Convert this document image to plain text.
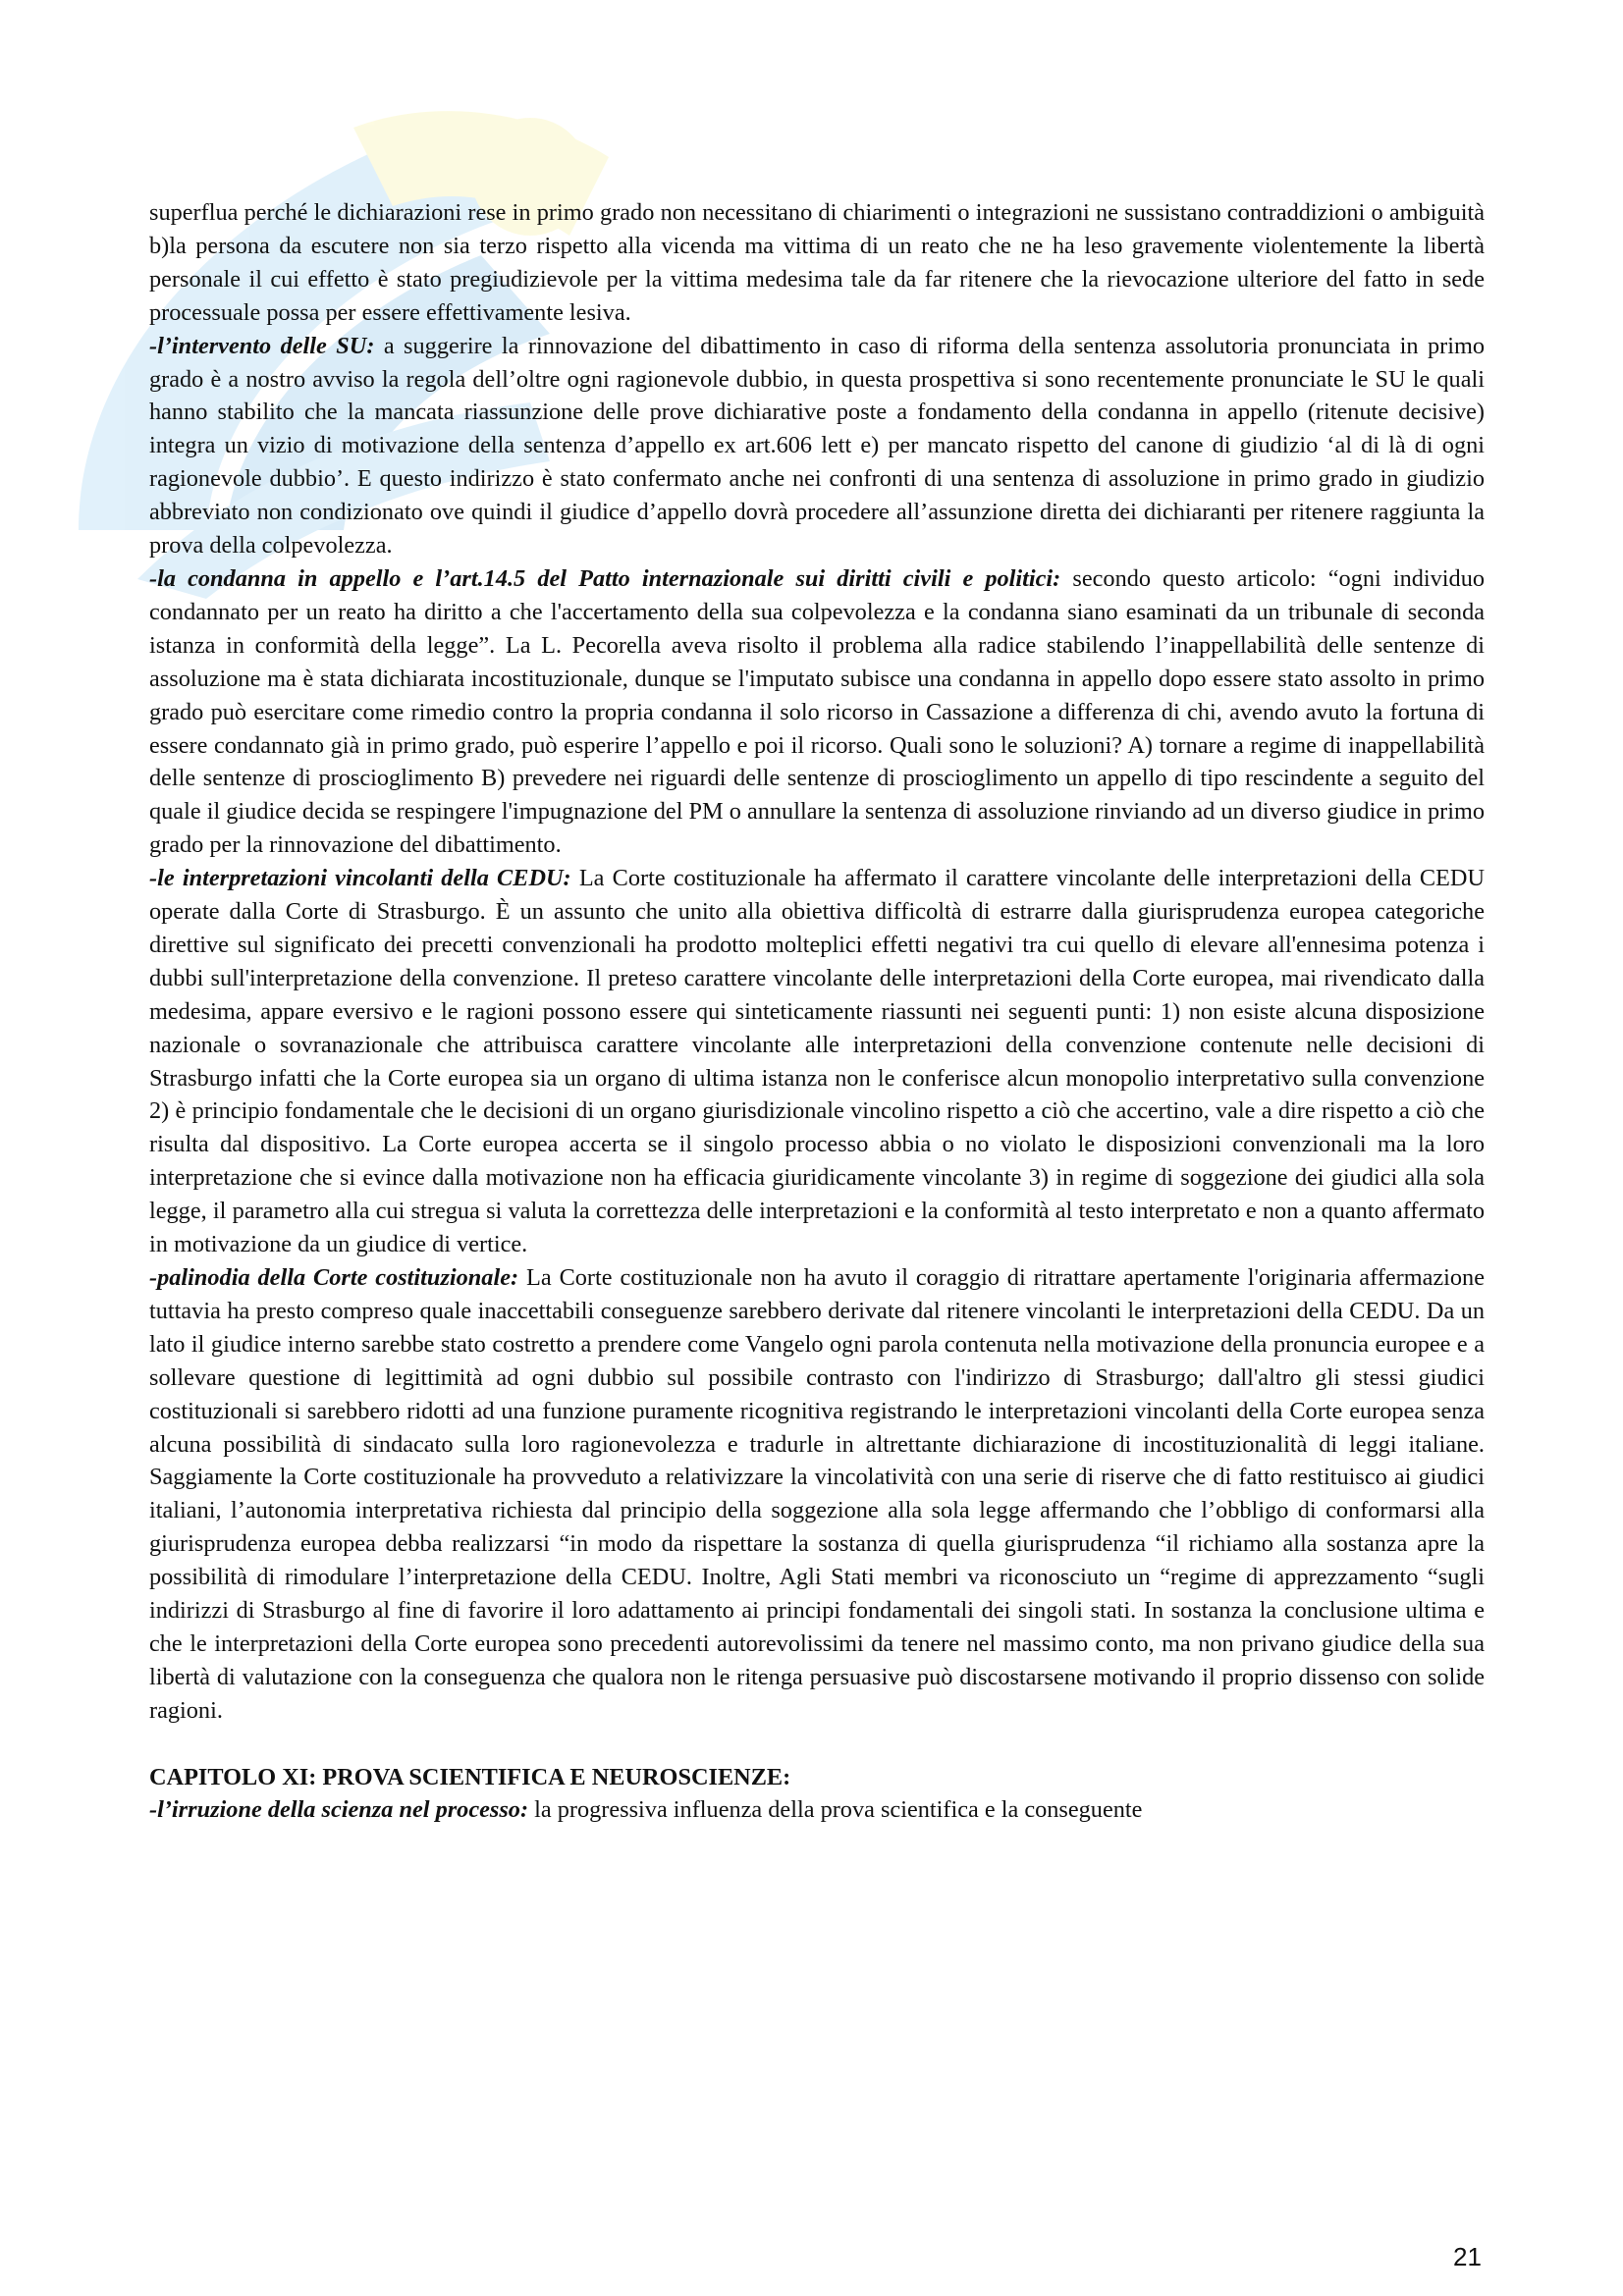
superflua perché le dichiarazioni rese in primo grado non necessitano di chiarimenti o integrazioni ne sussistano contraddizioni o ambiguità b)la persona da escutere non sia terzo rispetto alla vicenda ma vittima di un reato che ne ha leso gravemente violentemente la libertà personale il cui effetto è stato pregiudizievole per la vittima medesima tale da far ritenere che la rievocazione ulteriore del fatto in sede processuale possa per essere effettivamente lesiva.

-l’intervento delle SU: a suggerire la rinnovazione del dibattimento in caso di riforma della sentenza assolutoria pronunciata in primo grado è a nostro avviso la regola dell’oltre ogni ragionevole dubbio, in questa prospettiva si sono recentemente pronunciate le SU le quali hanno stabilito che la mancata riassunzione delle prove dichiarative poste a fondamento della condanna in appello (ritenute decisive) integra un vizio di motivazione della sentenza d’appello ex art.606 lett e) per mancato rispetto del canone di giudizio ‘al di là di ogni ragionevole dubbio’. E questo indirizzo è stato confermato anche nei confronti di una sentenza di assoluzione in primo grado in giudizio abbreviato non condizionato ove quindi il giudice d’appello dovrà procedere all’assunzione diretta dei dichiaranti per ritenere raggiunta la prova della colpevolezza.

-la condanna in appello e l’art.14.5 del Patto internazionale sui diritti civili e politici: secondo questo articolo: “ogni individuo condannato per un reato ha diritto a che l'accertamento della sua colpevolezza e la condanna siano esaminati da un tribunale di seconda istanza in conformità della legge”. La L. Pecorella aveva risolto il problema alla radice stabilendo l’inappellabilità delle sentenze di assoluzione ma è stata dichiarata incostituzionale, dunque se l'imputato subisce una condanna in appello dopo essere stato assolto in primo grado può esercitare come rimedio contro la propria condanna il solo ricorso in Cassazione a differenza di chi, avendo avuto la fortuna di essere condannato già in primo grado, può esperire l’appello e poi il ricorso. Quali sono le soluzioni? A) tornare a regime di inappellabilità delle sentenze di proscioglimento B) prevedere nei riguardi delle sentenze di proscioglimento un appello di tipo rescindente a seguito del quale il giudice decida se respingere l'impugnazione del PM o annullare la sentenza di assoluzione rinviando ad un diverso giudice in primo grado per la rinnovazione del dibattimento.

-le interpretazioni vincolanti della CEDU: La Corte costituzionale ha affermato il carattere vincolante delle interpretazioni della CEDU operate dalla Corte di Strasburgo. È un assunto che unito alla obiettiva difficoltà di estrarre dalla giurisprudenza europea categoriche direttive sul significato dei precetti convenzionali ha prodotto molteplici effetti negativi tra cui quello di elevare all'ennesima potenza i dubbi sull'interpretazione della convenzione. Il preteso carattere vincolante delle interpretazioni della Corte europea, mai rivendicato dalla medesima, appare eversivo e le ragioni possono essere qui sinteticamente riassunti nei seguenti punti: 1) non esiste alcuna disposizione nazionale o sovranazionale che attribuisca carattere vincolante alle interpretazioni della convenzione contenute nelle decisioni di Strasburgo infatti che la Corte europea sia un organo di ultima istanza non le conferisce alcun monopolio interpretativo sulla convenzione 2) è principio fondamentale che le decisioni di un organo giurisdizionale vincolino rispetto a ciò che accertino, vale a dire rispetto a ciò che risulta dal dispositivo. La Corte europea accerta se il singolo processo abbia o no violato le disposizioni convenzionali ma la loro interpretazione che si evince dalla motivazione non ha efficacia giuridicamente vincolante 3) in regime di soggezione dei giudici alla sola legge, il parametro alla cui stregua si valuta la correttezza delle interpretazioni e la conformità al testo interpretato e non a quanto affermato in motivazione da un giudice di vertice.

-palinodia della Corte costituzionale: La Corte costituzionale non ha avuto il coraggio di ritrattare apertamente l'originaria affermazione tuttavia ha presto compreso quale inaccettabili conseguenze sarebbero derivate dal ritenere vincolanti le interpretazioni della CEDU. Da un lato il giudice interno sarebbe stato costretto a prendere come Vangelo ogni parola contenuta nella motivazione della pronuncia europee e a sollevare questione di legittimità ad ogni dubbio sul possibile contrasto con l'indirizzo di Strasburgo; dall'altro gli stessi giudici costituzionali si sarebbero ridotti ad una funzione puramente ricognitiva registrando le interpretazioni vincolanti della Corte europea senza alcuna possibilità di sindacato sulla loro ragionevolezza e tradurle in altrettante dichiarazione di incostituzionalità di leggi italiane. Saggiamente la Corte costituzionale ha provveduto a relativizzare la vincolatività con una serie di riserve che di fatto restituisco ai giudici italiani, l’autonomia interpretativa richiesta dal principio della soggezione alla sola legge affermando che l’obbligo di conformarsi alla giurisprudenza europea debba realizzarsi “in modo da rispettare la sostanza di quella giurisprudenza “il richiamo alla sostanza apre la possibilità di rimodulare l’interpretazione della CEDU. Inoltre, Agli Stati membri va riconosciuto un “regime di apprezzamento “sugli indirizzi di Strasburgo al fine di favorire il loro adattamento ai principi fondamentali dei singoli stati. In sostanza la conclusione ultima e che le interpretazioni della Corte europea sono precedenti autorevolissimi da tenere nel massimo conto, ma non privano giudice della sua libertà di valutazione con la conseguenza che qualora non le ritenga persuasive può discostarsene motivando il proprio dissenso con solide ragioni.

CAPITOLO XI: PROVA SCIENTIFICA E NEUROSCIENZE:

-l’irruzione della scienza nel processo: la progressiva influenza della prova scientifica e la conseguente

21
